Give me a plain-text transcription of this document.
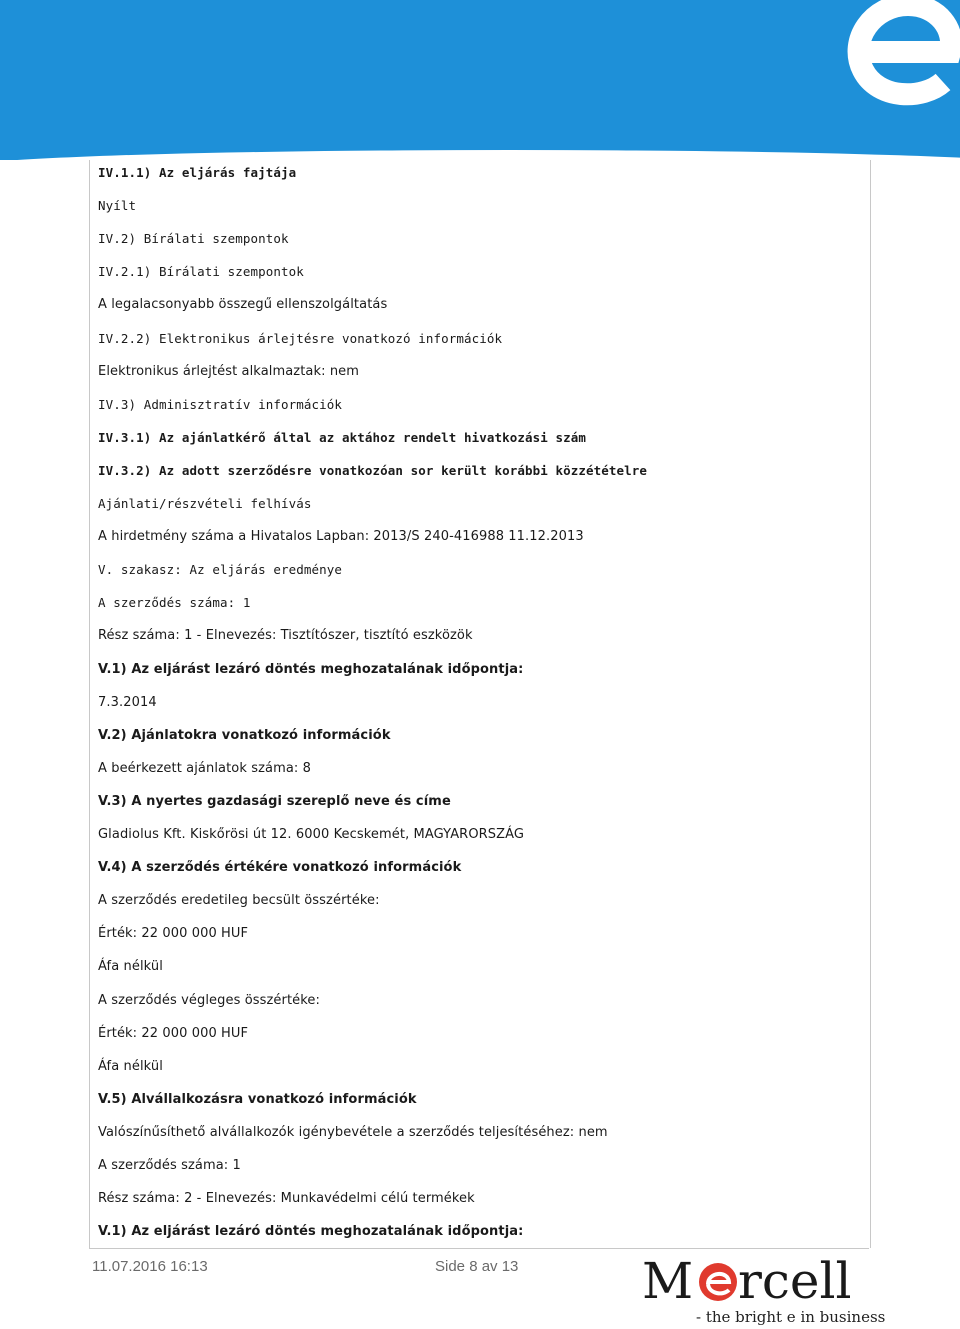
IV.1.1) Az eljárás fajtája
Nyílt
IV.2) Bírálati szempontok
IV.2.1) Bírálati szempontok
A legalacsonyabb összegű ellenszolgáltatás
IV.2.2) Elektronikus árlejtésre vonatkozó információk
Elektronikus árlejtést alkalmaztak: nem
IV.3) Adminisztratív információk
IV.3.1) Az ajánlatkérő által az aktához rendelt hivatkozási szám
IV.3.2) Az adott szerződésre vonatkozóan sor került korábbi közzétételre
Ajánlati/részvételi felhívás
A hirdetmény száma a Hivatalos Lapban: 2013/S 240-416988 11.12.2013
V. szakasz: Az eljárás eredménye
A szerződés száma: 1
Rész száma: 1 - Elnevezés: Tisztítószer, tisztító eszközök
V.1) Az eljárást lezáró döntés meghozatalának időpontja:
7.3.2014
V.2) Ajánlatokra vonatkozó információk
A beérkezett ajánlatok száma: 8
V.3) A nyertes gazdasági szereplő neve és címe
Gladiolus Kft. Kiskőrösi út 12. 6000 Kecskemét, MAGYARORSZÁG
V.4) A szerződés értékére vonatkozó információk
A szerződés eredetileg becsült összértéke:
Érték: 22 000 000 HUF
Áfa nélkül
A szerződés végleges összértéke:
Érték: 22 000 000 HUF
Áfa nélkül
V.5) Alvállalkozásra vonatkozó információk
Valószínűsíthető alvállalkozók igénybevétele a szerződés teljesítéséhez: nem
A szerződés száma: 1
Rész száma: 2 - Elnevezés: Munkavédelmi célú termékek
V.1) Az eljárást lezáró döntés meghozatalának időpontja:
11.07.2016 16:13	Side 8 av 13 M rcell
- the bright e in business
